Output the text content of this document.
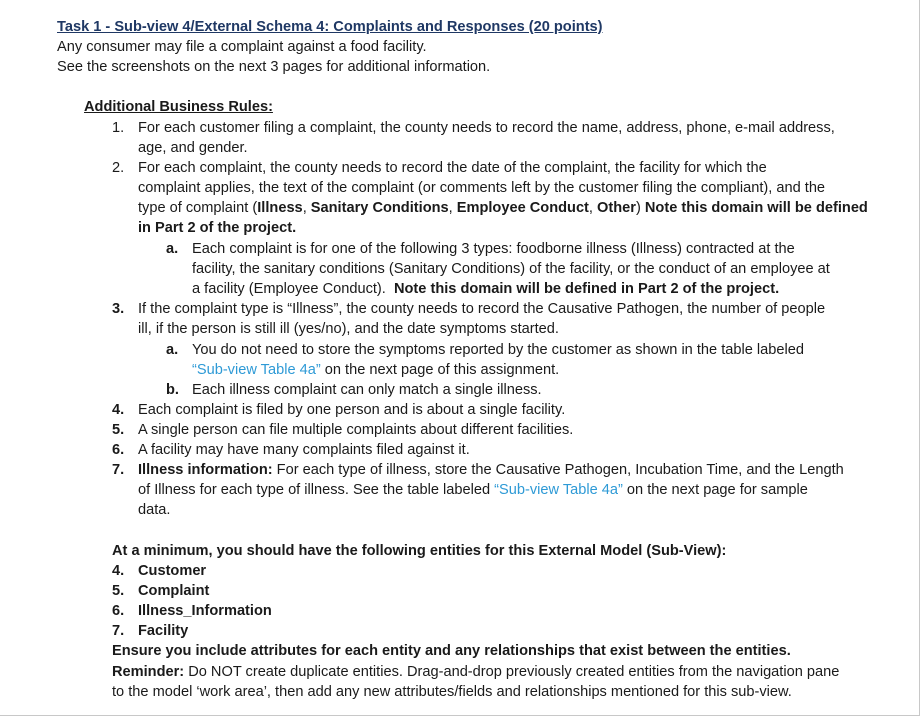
Task 1 - Sub-view 4/External Schema 4: Complaints and Responses (20 points)
Any consumer may file a complaint against a food facility.
See the screenshots on the next 3 pages for additional information.
Additional Business Rules:
1. For each customer filing a complaint, the county needs to record the name, address, phone, e-mail address,
age, and gender.
2. For each complaint, the county needs to record the date of the complaint, the facility for which the
complaint applies, the text of the complaint (or comments left by the customer filing the compliant), and the
type of complaint (Illness, Sanitary Conditions, Employee Conduct, Other) Note this domain will be defined
in Part 2 of the project.
a. Each complaint is for one of the following 3 types: foodborne illness (Illness) contracted at the
facility, the sanitary conditions (Sanitary Conditions) of the facility, or the conduct of an employee at
a facility (Employee Conduct).  Note this domain will be defined in Part 2 of the project.
3. If the complaint type is “Illness”, the county needs to record the Causative Pathogen, the number of people
ill, if the person is still ill (yes/no), and the date symptoms started.
a. You do not need to store the symptoms reported by the customer as shown in the table labeled
“Sub-view Table 4a” on the next page of this assignment.
b. Each illness complaint can only match a single illness.
4. Each complaint is filed by one person and is about a single facility.
5. A single person can file multiple complaints about different facilities.
6. A facility may have many complaints filed against it.
7. Illness information: For each type of illness, store the Causative Pathogen, Incubation Time, and the Length
of Illness for each type of illness. See the table labeled “Sub-view Table 4a” on the next page for sample
data.
At a minimum, you should have the following entities for this External Model (Sub-View):
4. Customer
5. Complaint
6. Illness_Information
7. Facility
Ensure you include attributes for each entity and any relationships that exist between the entities.
Reminder: Do NOT create duplicate entities. Drag-and-drop previously created entities from the navigation pane
to the model ‘work area’, then add any new attributes/fields and relationships mentioned for this sub-view.
